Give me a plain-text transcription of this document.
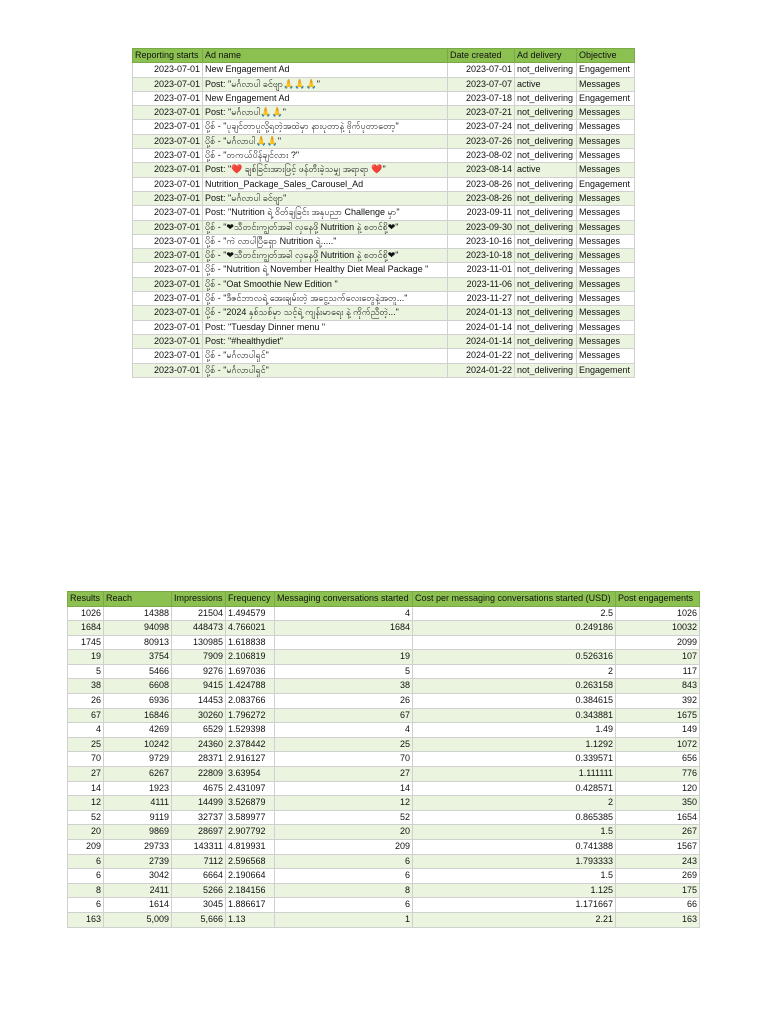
Reporting starts	Ad name	Date created	Ad delivery	Objective
2023-07-01	New Engagement Ad	2023-07-01	not_delivering	Engagement
2023-07-01	Post: "မင်္ဂလာပါ ခင်ဗျာ🙏🙏🙏"	2023-07-07	active	Messages
2023-07-01	New Engagement Ad	2023-07-18	not_delivering	Engagement
2023-07-01	Post: "မင်္ဂလာပါ🙏🙏"	2023-07-21	not_delivering	Messages
2023-07-01	ပို့စ် - "ပုချင်တာပူလို့ရတဲ့အထဲမှာ နားပုတာနဲ့ ဗိုက်ပုတာတော့"	2023-07-24	not_delivering	Messages
2023-07-01	ပို့စ် - "မင်္ဂလာပါ🙏🙏"	2023-07-26	not_delivering	Messages
2023-07-01	ပို့စ် - "တကယ်ပိန်ချင်လား ?"	2023-08-02	not_delivering	Messages
2023-07-01	Post: "❤️ ချစ်ခြင်းအားဖြင့် ဖန်တီးခဲ့သမျှ အရာရာ ❤️"	2023-08-14	active	Messages
2023-07-01	Nutrition_Package_Sales_Carousel_Ad	2023-08-26	not_delivering	Engagement
2023-07-01	Post: "မင်္ဂလာပါ ခင်ဗျာ"	2023-08-26	not_delivering	Messages
2023-07-01	Post: "Nutrition ရဲ့ ဝိတ်ချခြင်း အနုပညာ Challenge မှာ"	2023-09-11	not_delivering	Messages
2023-07-01	ပို့စ် - "❤သီတင်းကျွတ်အခါ လှနေဖို့ Nutrition နဲ့ စတင်စို့❤"	2023-09-30	not_delivering	Messages
2023-07-01	ပို့စ် - "ကဲ လာပါပြီရှော Nutrition ရဲ့....."	2023-10-16	not_delivering	Messages
2023-07-01	ပို့စ် - "❤သီတင်းကျွတ်အခါ လှနေဖို့ Nutrition နဲ့ စတင်စို့❤"	2023-10-18	not_delivering	Messages
2023-07-01	ပို့စ် - "Nutrition ရဲ့ November Healthy Diet Meal Package "	2023-11-01	not_delivering	Messages
2023-07-01	ပို့စ် - "Oat Smoothie New Edition "	2023-11-06	not_delivering	Messages
2023-07-01	ပို့စ် - "ဒီဇင်ဘာလရဲ့ အေးချမ်းတဲ့ အငွေ့သက်လေးတွေနဲ့အတူ..."	2023-11-27	not_delivering	Messages
2023-07-01	ပို့စ် - "2024 နှစ်သစ်မှာ သင့်ရဲ့ ကျန်းမာရေး နဲ့ ကိုက်ညီတဲ့..."	2024-01-13	not_delivering	Messages
2023-07-01	Post: "Tuesday Dinner menu "	2024-01-14	not_delivering	Messages
2023-07-01	Post: "#healthydiet"	2024-01-14	not_delivering	Messages
2023-07-01	ပို့စ် - "မင်္ဂလာပါရှင်"	2024-01-22	not_delivering	Messages
2023-07-01	ပို့စ် - "မင်္ဂလာပါရှင်"	2024-01-22	not_delivering	Engagement
Results	Reach	Impressions	Frequency	Messaging conversations started	Cost per messaging conversations started (USD)	Post engagements
1026	14388	21504	1.494579	4	2.5	1026
1684	94098	448473	4.766021	1684	0.249186	10032
1745	80913	130985	1.618838			2099
19	3754	7909	2.106819	19	0.526316	107
5	5466	9276	1.697036	5	2	117
38	6608	9415	1.424788	38	0.263158	843
26	6936	14453	2.083766	26	0.384615	392
67	16846	30260	1.796272	67	0.343881	1675
4	4269	6529	1.529398	4	1.49	149
25	10242	24360	2.378442	25	1.1292	1072
70	9729	28371	2.916127	70	0.339571	656
27	6267	22809	3.63954	27	1.111111	776
14	1923	4675	2.431097	14	0.428571	120
12	4111	14499	3.526879	12	2	350
52	9119	32737	3.589977	52	0.865385	1654
20	9869	28697	2.907792	20	1.5	267
209	29733	143311	4.819931	209	0.741388	1567
6	2739	7112	2.596568	6	1.793333	243
6	3042	6664	2.190664	6	1.5	269
8	2411	5266	2.184156	8	1.125	175
6	1614	3045	1.886617	6	1.171667	66
163	5,009	5,666	1.13	1	2.21	163
